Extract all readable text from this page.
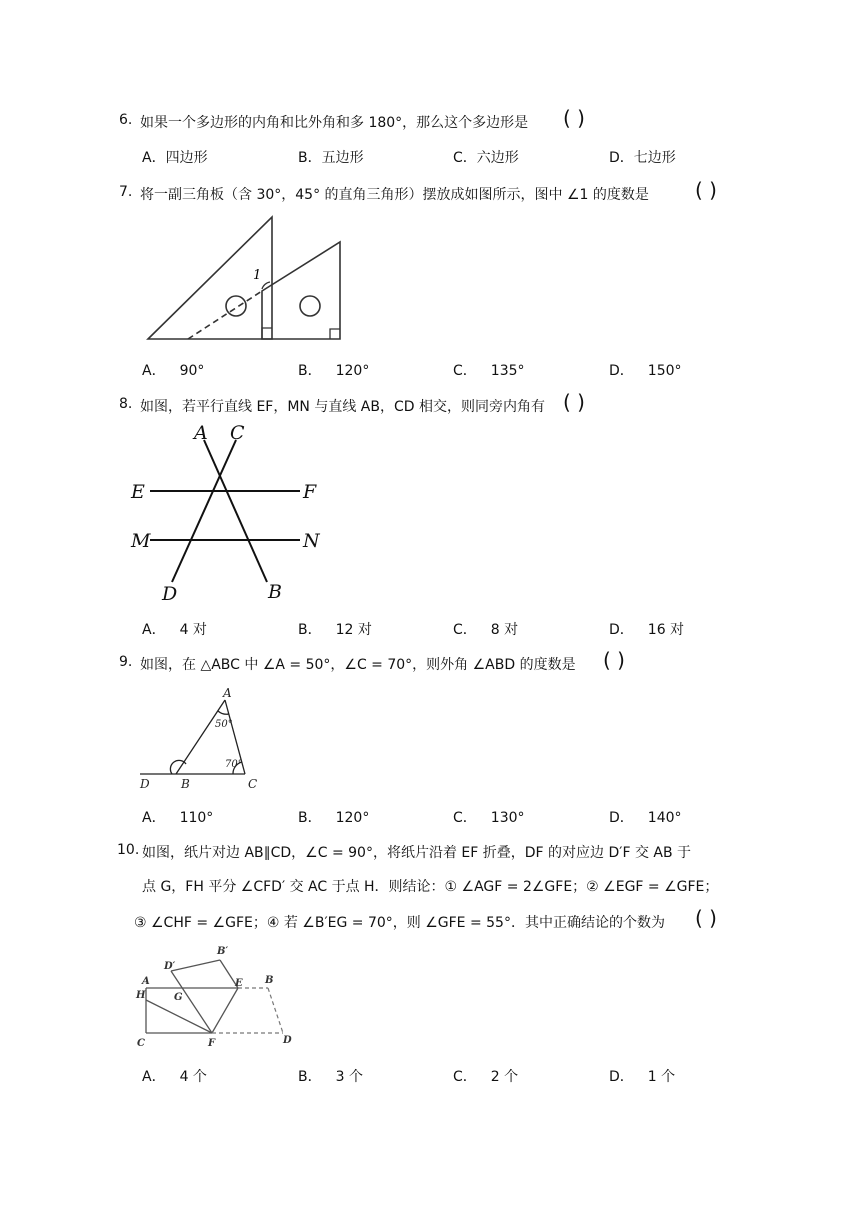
6. 如果一个多边形的内角和比外角和多 180°，那么这个多边形是 ( )
A．四边形	B．五边形	C．六边形	D．七边形
7. 将一副三角板（含 30°，45° 的直角三角形）摆放成如图所示，图中 ∠1 的度数是 ( )
1
A． 90°	B． 120°	C． 135°	D． 150°
8. 如图，若平行直线 EF，MN 与直线 AB，CD 相交，则同旁内角有 ( )
A C
E	F
M	N
D	B
A． 4 对	B． 12 对	C． 8 对	D． 16 对
9. 如图，在 △ABC 中 ∠A = 50°，∠C = 70°，则外角 ∠ABD 的度数是 ( )
A
50°
70°
D	B	C
A． 110°	B． 120°	C． 130°	D． 140°
10. 如图，纸片对边 AB∥CD，∠C = 90°，将纸片沿着 EF 折叠，DF 的对应边 D′F 交 AB 于
点 G，FH 平分 ∠CFD′ 交 AC 于点 H．则结论：① ∠AGF = 2∠GFE；② ∠EGF = ∠GFE；
③ ∠CHF = ∠GFE；④ 若 ∠B′EG = 70°，则 ∠GFE = 55°．其中正确结论的个数为 ( )
D′
B′
A
H	G
E B
C	F	D
A． 4 个	B． 3 个	C． 2 个	D． 1 个
